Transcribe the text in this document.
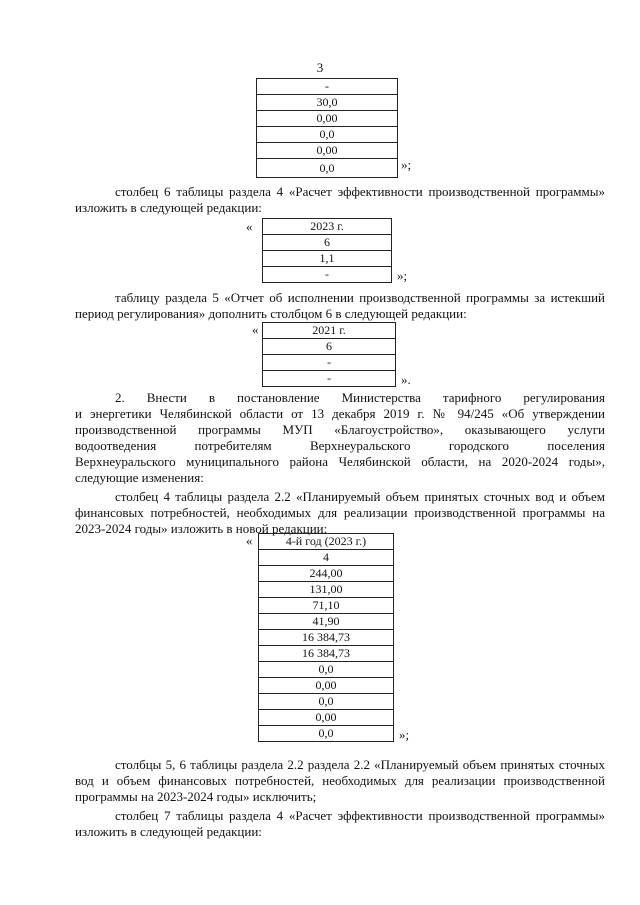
3
-
30,0
0,00
0,0
0,00
0,0	»;
столбец 6 таблицы раздела 4 «Расчет эффективности производственной программы» изложить в следующей редакции:
«	2023 г.
6
1,1
-	»;
таблицу раздела 5 «Отчет об исполнении производственной программы за истекший период регулирования» дополнить столбцом 6 в следующей редакции:
«	2021 г.
6
-
-	».
2. Внести в постановление Министерства тарифного регулирования
и энергетики Челябинской области от 13 декабря 2019 г. № 94/245 «Об утверждении
производственной программы МУП «Благоустройство», оказывающего услуги
водоотведения потребителям Верхнеуральского городского поселения
Верхнеуральского муниципального района Челябинской области, на 2020-2024 годы»,
следующие изменения:
столбец 4 таблицы раздела 2.2 «Планируемый объем принятых сточных вод и объем финансовых потребностей, необходимых для реализации производственной программы на 2023-2024 годы» изложить в новой редакции:
«	4-й год (2023 г.)
4
244,00
131,00
71,10
41,90
16 384,73
16 384,73
0,0
0,00
0,0
0,00
0,0	»;
столбцы 5, 6 таблицы раздела 2.2 раздела 2.2 «Планируемый объем принятых сточных вод и объем финансовых потребностей, необходимых для реализации производственной программы на 2023-2024 годы» исключить;
столбец 7 таблицы раздела 4 «Расчет эффективности производственной программы» изложить в следующей редакции:
